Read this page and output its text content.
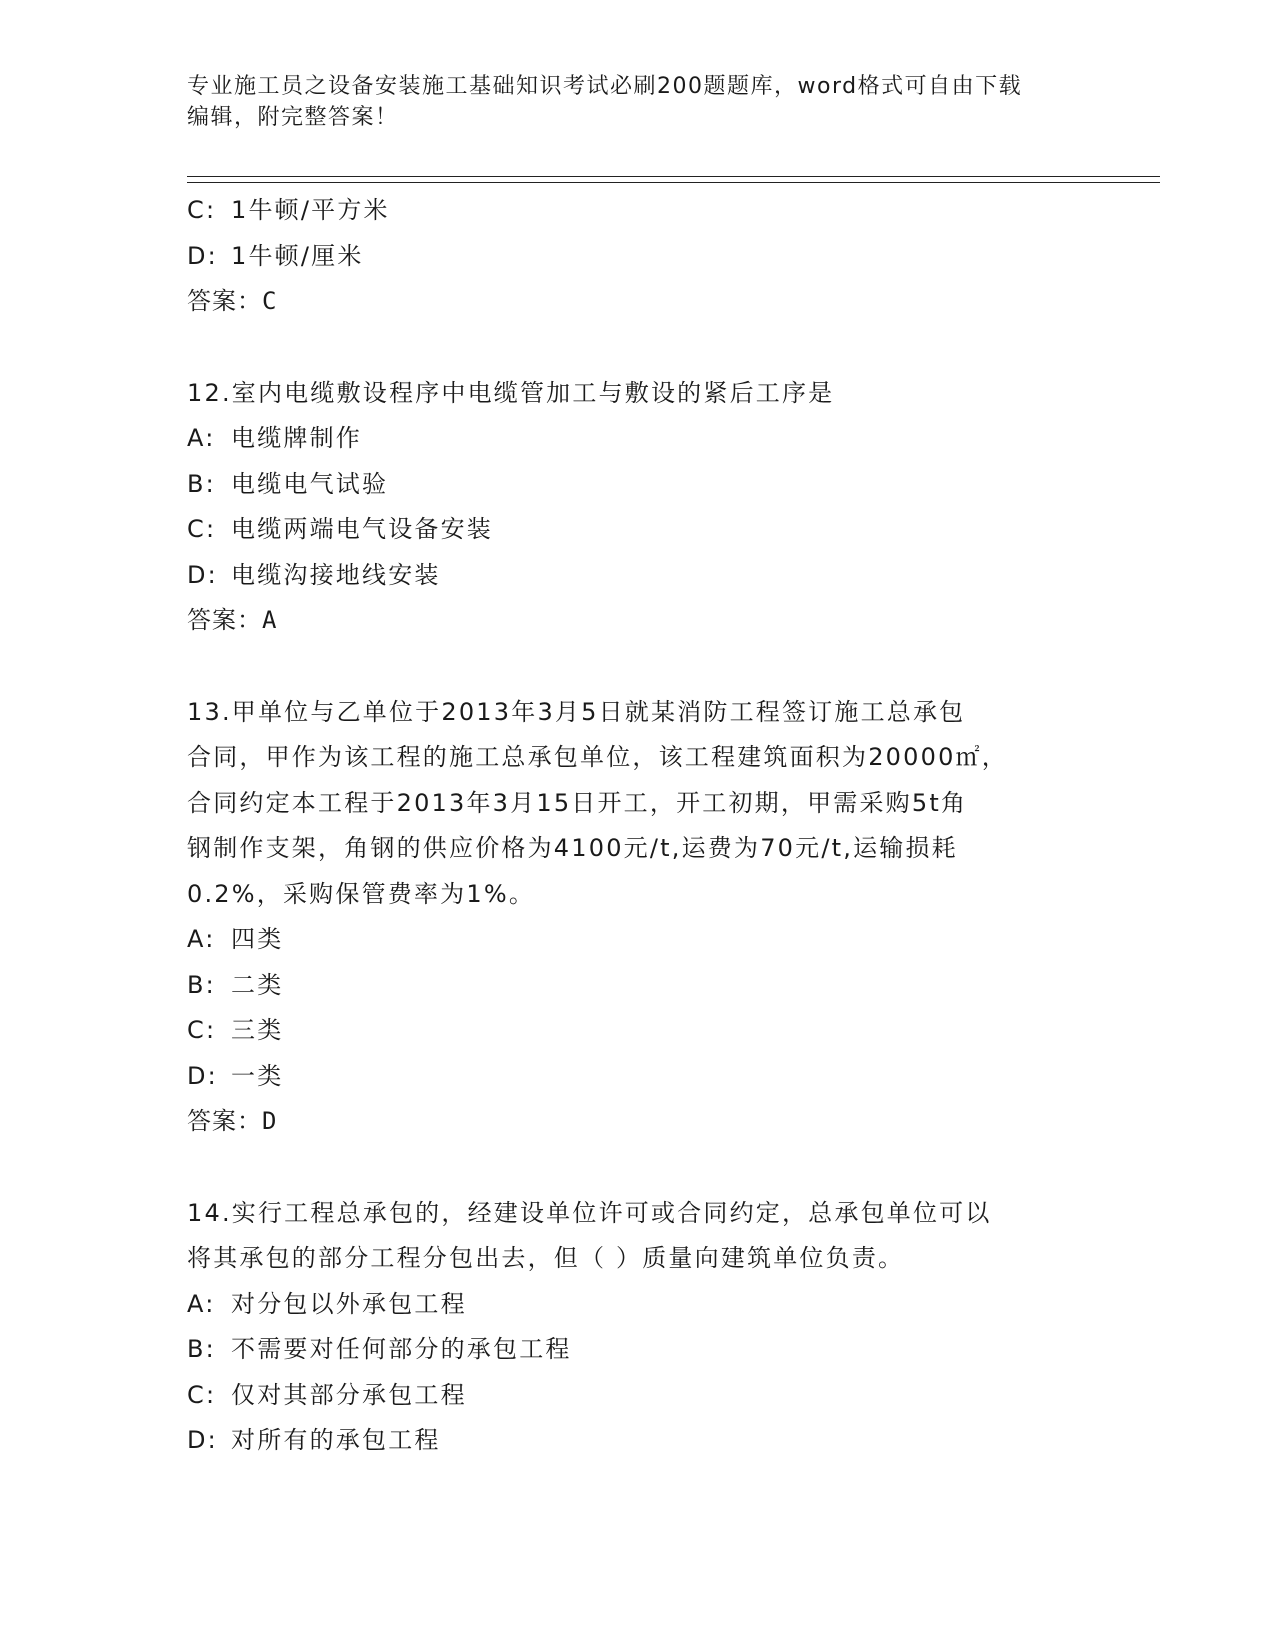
专业施工员之设备安装施工基础知识考试必刷200题题库，word格式可自由下载
编辑，附完整答案！
C: 1牛顿/平方米
D: 1牛顿/厘米
答案：C
12.室内电缆敷设程序中电缆管加工与敷设的紧后工序是
A: 电缆牌制作
B: 电缆电气试验
C: 电缆两端电气设备安装
D: 电缆沟接地线安装
答案：A
13.甲单位与乙单位于2013年3月5日就某消防工程签订施工总承包
合同，甲作为该工程的施工总承包单位，该工程建筑面积为20000㎡，
合同约定本工程于2013年3月15日开工，开工初期，甲需采购5t角
钢制作支架，角钢的供应价格为4100元/t,运费为70元/t,运输损耗
0.2%，采购保管费率为1%。
A: 四类
B: 二类
C: 三类
D: 一类
答案：D
14.实行工程总承包的，经建设单位许可或合同约定，总承包单位可以
将其承包的部分工程分包出去，但（ ）质量向建筑单位负责。
A: 对分包以外承包工程
B: 不需要对任何部分的承包工程
C: 仅对其部分承包工程
D: 对所有的承包工程
